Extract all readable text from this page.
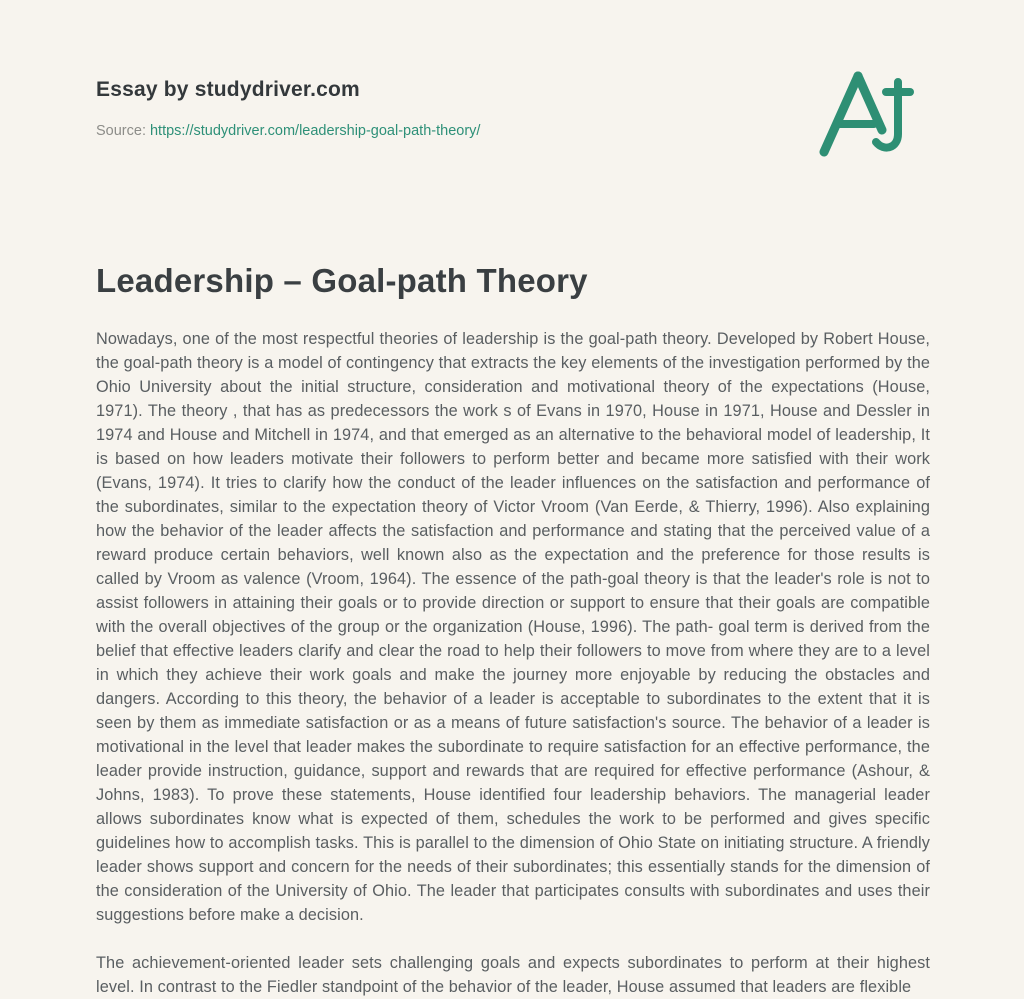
Essay by studydriver.com
Source: https://studydriver.com/leadership-goal-path-theory/
Leadership – Goal-path Theory

Nowadays, one of the most respectful theories of leadership is the goal-path theory. Developed by Robert House, the goal-path theory is a model of contingency that extracts the key elements of the investigation performed by the Ohio University about the initial structure, consideration and motivational theory of the expectations (House, 1971). The theory , that has as predecessors the work s of Evans in 1970, House in 1971, House and Dessler in 1974 and House and Mitchell in 1974, and that emerged as an alternative to the behavioral model of leadership, It is based on how leaders motivate their followers to perform better and became more satisfied with their work (Evans, 1974). It tries to clarify how the conduct of the leader influences on the satisfaction and performance of the subordinates, similar to the expectation theory of Victor Vroom (Van Eerde, & Thierry, 1996). Also explaining how the behavior of the leader affects the satisfaction and performance and stating that the perceived value of a reward produce certain behaviors, well known also as the expectation and the preference for those results is called by Vroom as valence (Vroom, 1964). The essence of the path-goal theory is that the leader's role is not to assist followers in attaining their goals or to provide direction or support to ensure that their goals are compatible with the overall objectives of the group or the organization (House, 1996). The path- goal term is derived from the belief that effective leaders clarify and clear the road to help their followers to move from where they are to a level in which they achieve their work goals and make the journey more enjoyable by reducing the obstacles and dangers. According to this theory, the behavior of a leader is acceptable to subordinates to the extent that it is seen by them as immediate satisfaction or as a means of future satisfaction's source. The behavior of a leader is motivational in the level that leader makes the subordinate to require satisfaction for an effective performance, the leader provide instruction, guidance, support and rewards that are required for effective performance (Ashour, & Johns, 1983). To prove these statements, House identified four leadership behaviors. The managerial leader allows subordinates know what is expected of them, schedules the work to be performed and gives specific guidelines how to accomplish tasks. This is parallel to the dimension of Ohio State on initiating structure. A friendly leader shows support and concern for the needs of their subordinates; this essentially stands for the dimension of the consideration of the University of Ohio. The leader that participates consults with subordinates and uses their suggestions before make a decision.

The achievement-oriented leader sets challenging goals and expects subordinates to perform at their highest level. In contrast to the Fiedler standpoint of the behavior of the leader, House assumed that leaders are flexible
